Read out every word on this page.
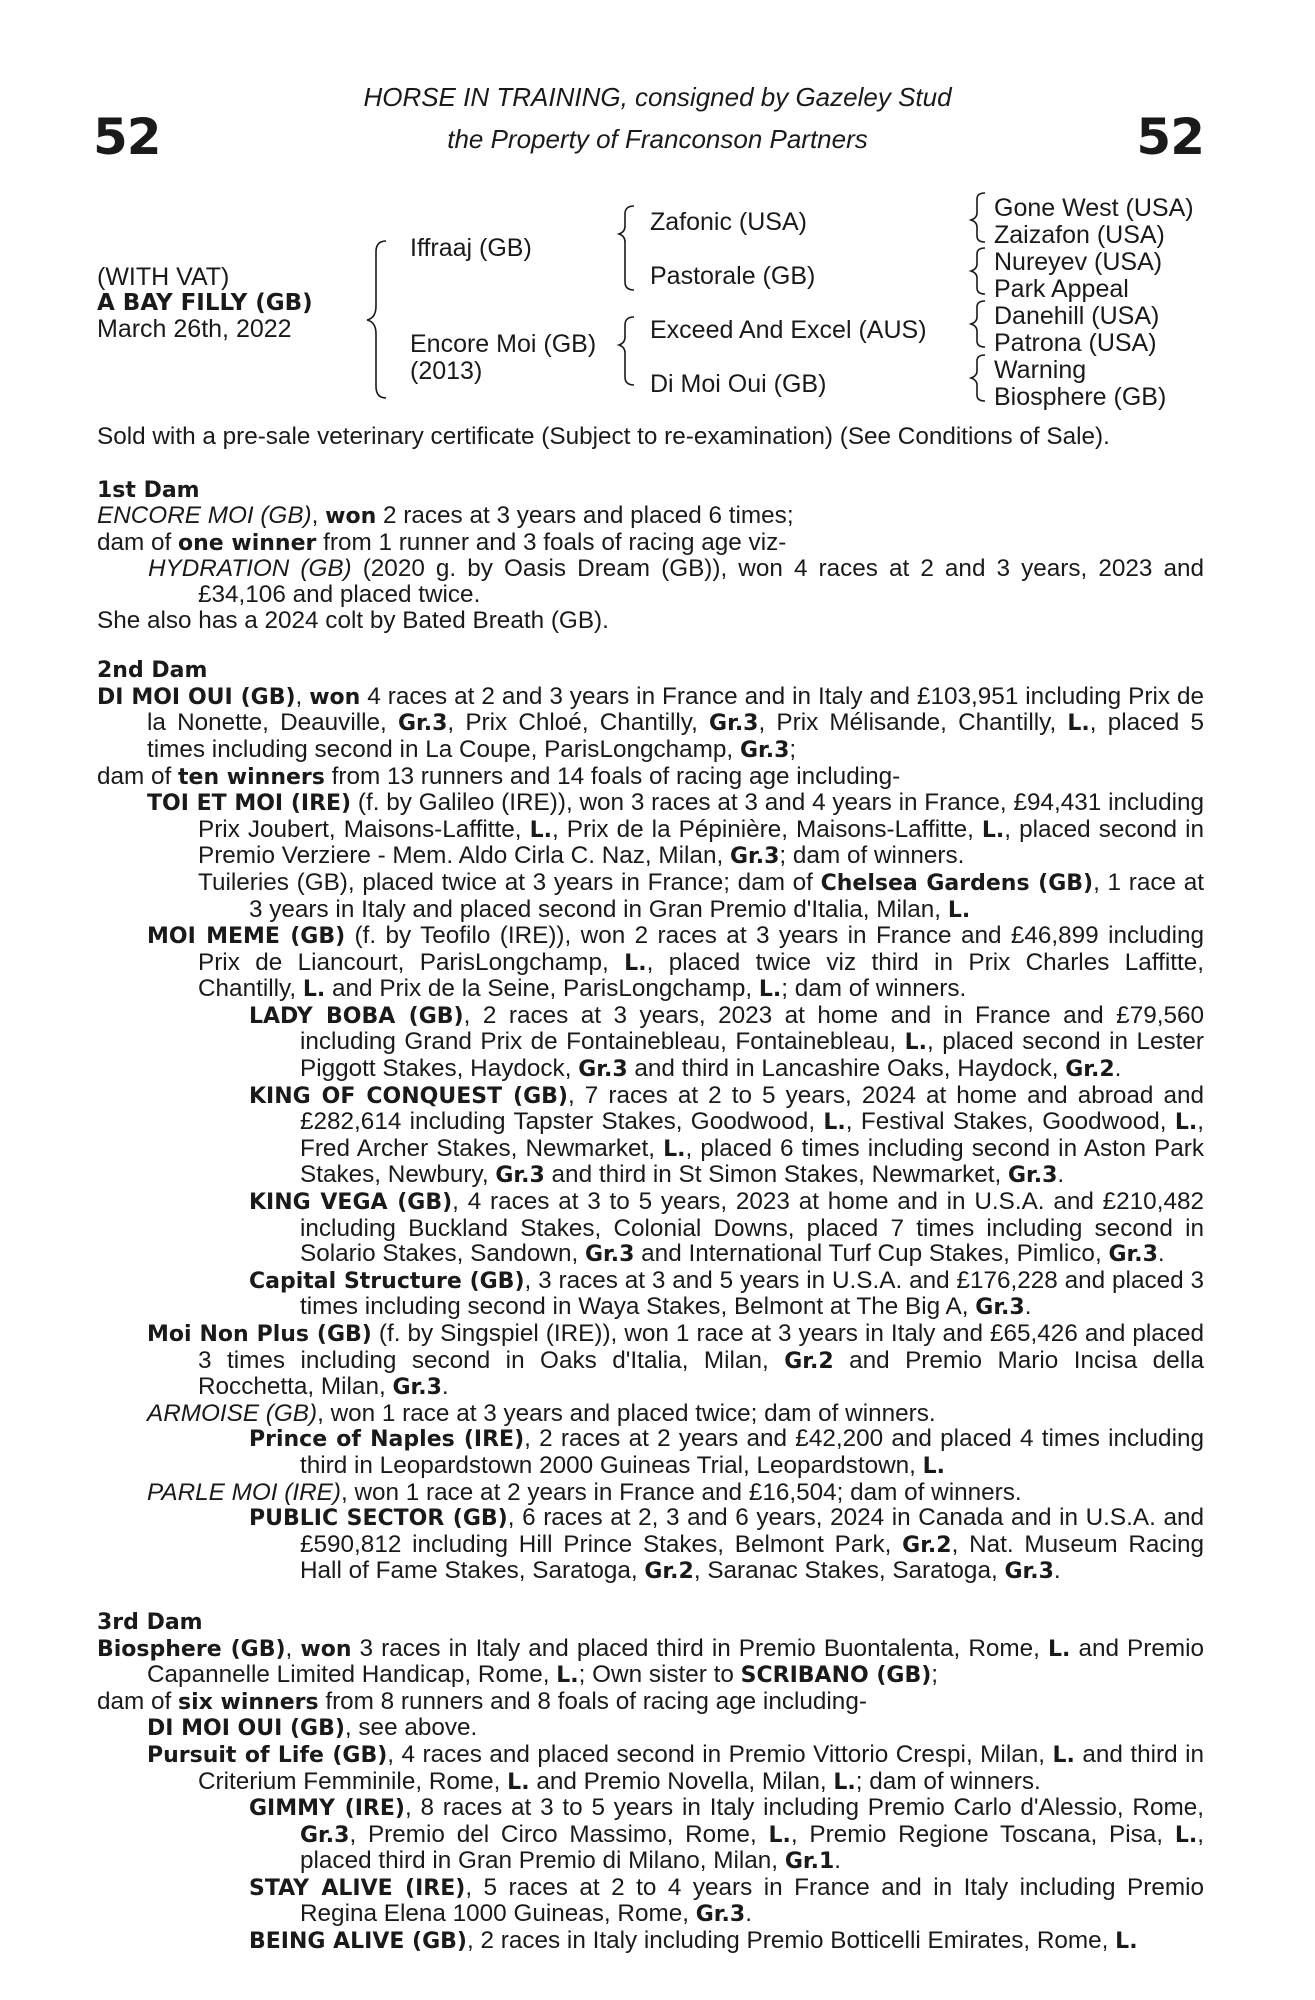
52	52
HORSE IN TRAINING, consigned by Gazeley Stud
the Property of Franconson Partners
(WITH VAT)
A BAY FILLY (GB)
March 26th, 2022
Iffraaj (GB)
Encore Moi (GB)
(2013)
Zafonic (USA)
Pastorale (GB)
Exceed And Excel (AUS)
Di Moi Oui (GB)
Gone West (USA)
Zaizafon (USA)
Nureyev (USA)
Park Appeal
Danehill (USA)
Patrona (USA)
Warning
Biosphere (GB)
Sold with a pre-sale veterinary certificate (Subject to re-examination) (See Conditions of Sale).
1st Dam
ENCORE MOI (GB), won 2 races at 3 years and placed 6 times;
dam of one winner from 1 runner and 3 foals of racing age viz-
HYDRATION (GB) (2020 g. by Oasis Dream (GB)), won 4 races at 2 and 3 years, 2023 and £34,106 and placed twice.
She also has a 2024 colt by Bated Breath (GB).
2nd Dam
DI MOI OUI (GB), won 4 races at 2 and 3 years in France and in Italy and £103,951 including Prix de la Nonette, Deauville, Gr.3, Prix Chloé, Chantilly, Gr.3, Prix Mélisande, Chantilly, L., placed 5 times including second in La Coupe, ParisLongchamp, Gr.3;
dam of ten winners from 13 runners and 14 foals of racing age including-
TOI ET MOI (IRE) (f. by Galileo (IRE)), won 3 races at 3 and 4 years in France, £94,431 including Prix Joubert, Maisons-Laffitte, L., Prix de la Pépinière, Maisons-Laffitte, L., placed second in Premio Verziere - Mem. Aldo Cirla C. Naz, Milan, Gr.3; dam of winners.
Tuileries (GB), placed twice at 3 years in France; dam of Chelsea Gardens (GB), 1 race at 3 years in Italy and placed second in Gran Premio d'Italia, Milan, L.
MOI MEME (GB) (f. by Teofilo (IRE)), won 2 races at 3 years in France and £46,899 including Prix de Liancourt, ParisLongchamp, L., placed twice viz third in Prix Charles Laffitte, Chantilly, L. and Prix de la Seine, ParisLongchamp, L.; dam of winners.
LADY BOBA (GB), 2 races at 3 years, 2023 at home and in France and £79,560 including Grand Prix de Fontainebleau, Fontainebleau, L., placed second in Lester Piggott Stakes, Haydock, Gr.3 and third in Lancashire Oaks, Haydock, Gr.2.
KING OF CONQUEST (GB), 7 races at 2 to 5 years, 2024 at home and abroad and £282,614 including Tapster Stakes, Goodwood, L., Festival Stakes, Goodwood, L., Fred Archer Stakes, Newmarket, L., placed 6 times including second in Aston Park Stakes, Newbury, Gr.3 and third in St Simon Stakes, Newmarket, Gr.3.
KING VEGA (GB), 4 races at 3 to 5 years, 2023 at home and in U.S.A. and £210,482 including Buckland Stakes, Colonial Downs, placed 7 times including second in Solario Stakes, Sandown, Gr.3 and International Turf Cup Stakes, Pimlico, Gr.3.
Capital Structure (GB), 3 races at 3 and 5 years in U.S.A. and £176,228 and placed 3 times including second in Waya Stakes, Belmont at The Big A, Gr.3.
Moi Non Plus (GB) (f. by Singspiel (IRE)), won 1 race at 3 years in Italy and £65,426 and placed 3 times including second in Oaks d'Italia, Milan, Gr.2 and Premio Mario Incisa della Rocchetta, Milan, Gr.3.
ARMOISE (GB), won 1 race at 3 years and placed twice; dam of winners.
Prince of Naples (IRE), 2 races at 2 years and £42,200 and placed 4 times including third in Leopardstown 2000 Guineas Trial, Leopardstown, L.
PARLE MOI (IRE), won 1 race at 2 years in France and £16,504; dam of winners.
PUBLIC SECTOR (GB), 6 races at 2, 3 and 6 years, 2024 in Canada and in U.S.A. and £590,812 including Hill Prince Stakes, Belmont Park, Gr.2, Nat. Museum Racing Hall of Fame Stakes, Saratoga, Gr.2, Saranac Stakes, Saratoga, Gr.3.
3rd Dam
Biosphere (GB), won 3 races in Italy and placed third in Premio Buontalenta, Rome, L. and Premio Capannelle Limited Handicap, Rome, L.; Own sister to SCRIBANO (GB);
dam of six winners from 8 runners and 8 foals of racing age including-
DI MOI OUI (GB), see above.
Pursuit of Life (GB), 4 races and placed second in Premio Vittorio Crespi, Milan, L. and third in Criterium Femminile, Rome, L. and Premio Novella, Milan, L.; dam of winners.
GIMMY (IRE), 8 races at 3 to 5 years in Italy including Premio Carlo d'Alessio, Rome, Gr.3, Premio del Circo Massimo, Rome, L., Premio Regione Toscana, Pisa, L., placed third in Gran Premio di Milano, Milan, Gr.1.
STAY ALIVE (IRE), 5 races at 2 to 4 years in France and in Italy including Premio Regina Elena 1000 Guineas, Rome, Gr.3.
BEING ALIVE (GB), 2 races in Italy including Premio Botticelli Emirates, Rome, L.
